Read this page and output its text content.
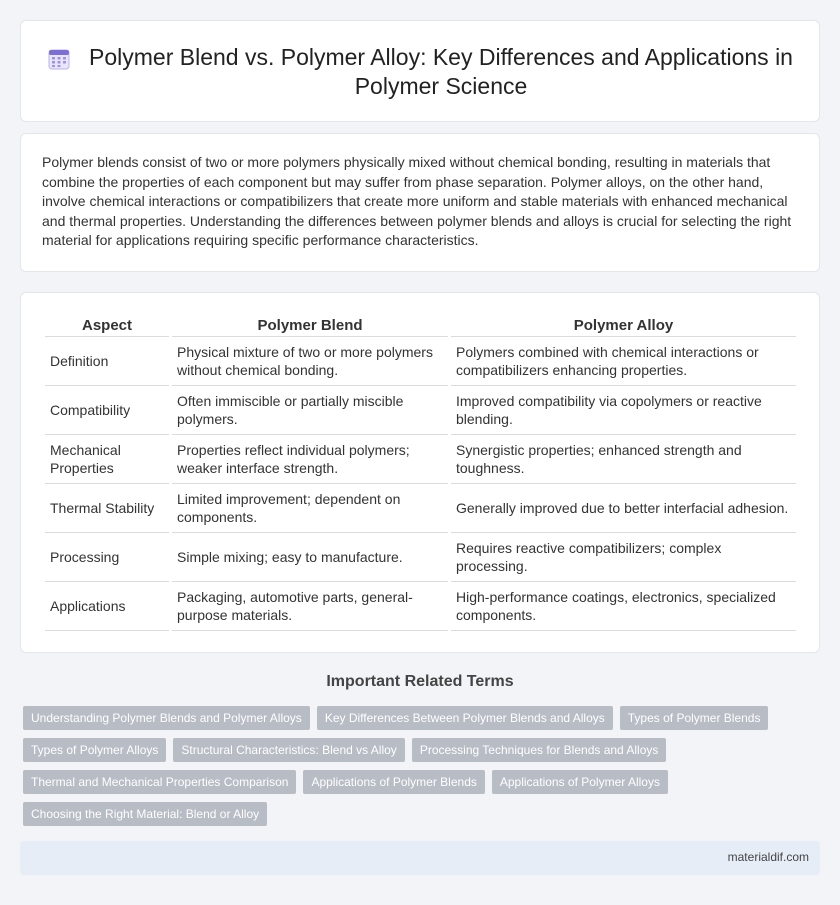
Polymer Blend vs. Polymer Alloy: Key Differences and Applications in Polymer Science

Polymer blends consist of two or more polymers physically mixed without chemical bonding, resulting in materials that combine the properties of each component but may suffer from phase separation. Polymer alloys, on the other hand, involve chemical interactions or compatibilizers that create more uniform and stable materials with enhanced mechanical and thermal properties. Understanding the differences between polymer blends and alloys is crucial for selecting the right material for applications requiring specific performance characteristics.

Aspect	Polymer Blend	Polymer Alloy
Definition	Physical mixture of two or more polymers without chemical bonding.	Polymers combined with chemical interactions or compatibilizers enhancing properties.
Compatibility	Often immiscible or partially miscible polymers.	Improved compatibility via copolymers or reactive blending.
Mechanical Properties	Properties reflect individual polymers; weaker interface strength.	Synergistic properties; enhanced strength and toughness.
Thermal Stability	Limited improvement; dependent on components.	Generally improved due to better interfacial adhesion.
Processing	Simple mixing; easy to manufacture.	Requires reactive compatibilizers; complex processing.
Applications	Packaging, automotive parts, general-purpose materials.	High-performance coatings, electronics, specialized components.
Important Related Terms
Understanding Polymer Blends and Polymer Alloys	Key Differences Between Polymer Blends and Alloys	Types of Polymer Blends
Types of Polymer Alloys	Structural Characteristics: Blend vs Alloy	Processing Techniques for Blends and Alloys
Thermal and Mechanical Properties Comparison	Applications of Polymer Blends	Applications of Polymer Alloys
Choosing the Right Material: Blend or Alloy
materialdif.com
